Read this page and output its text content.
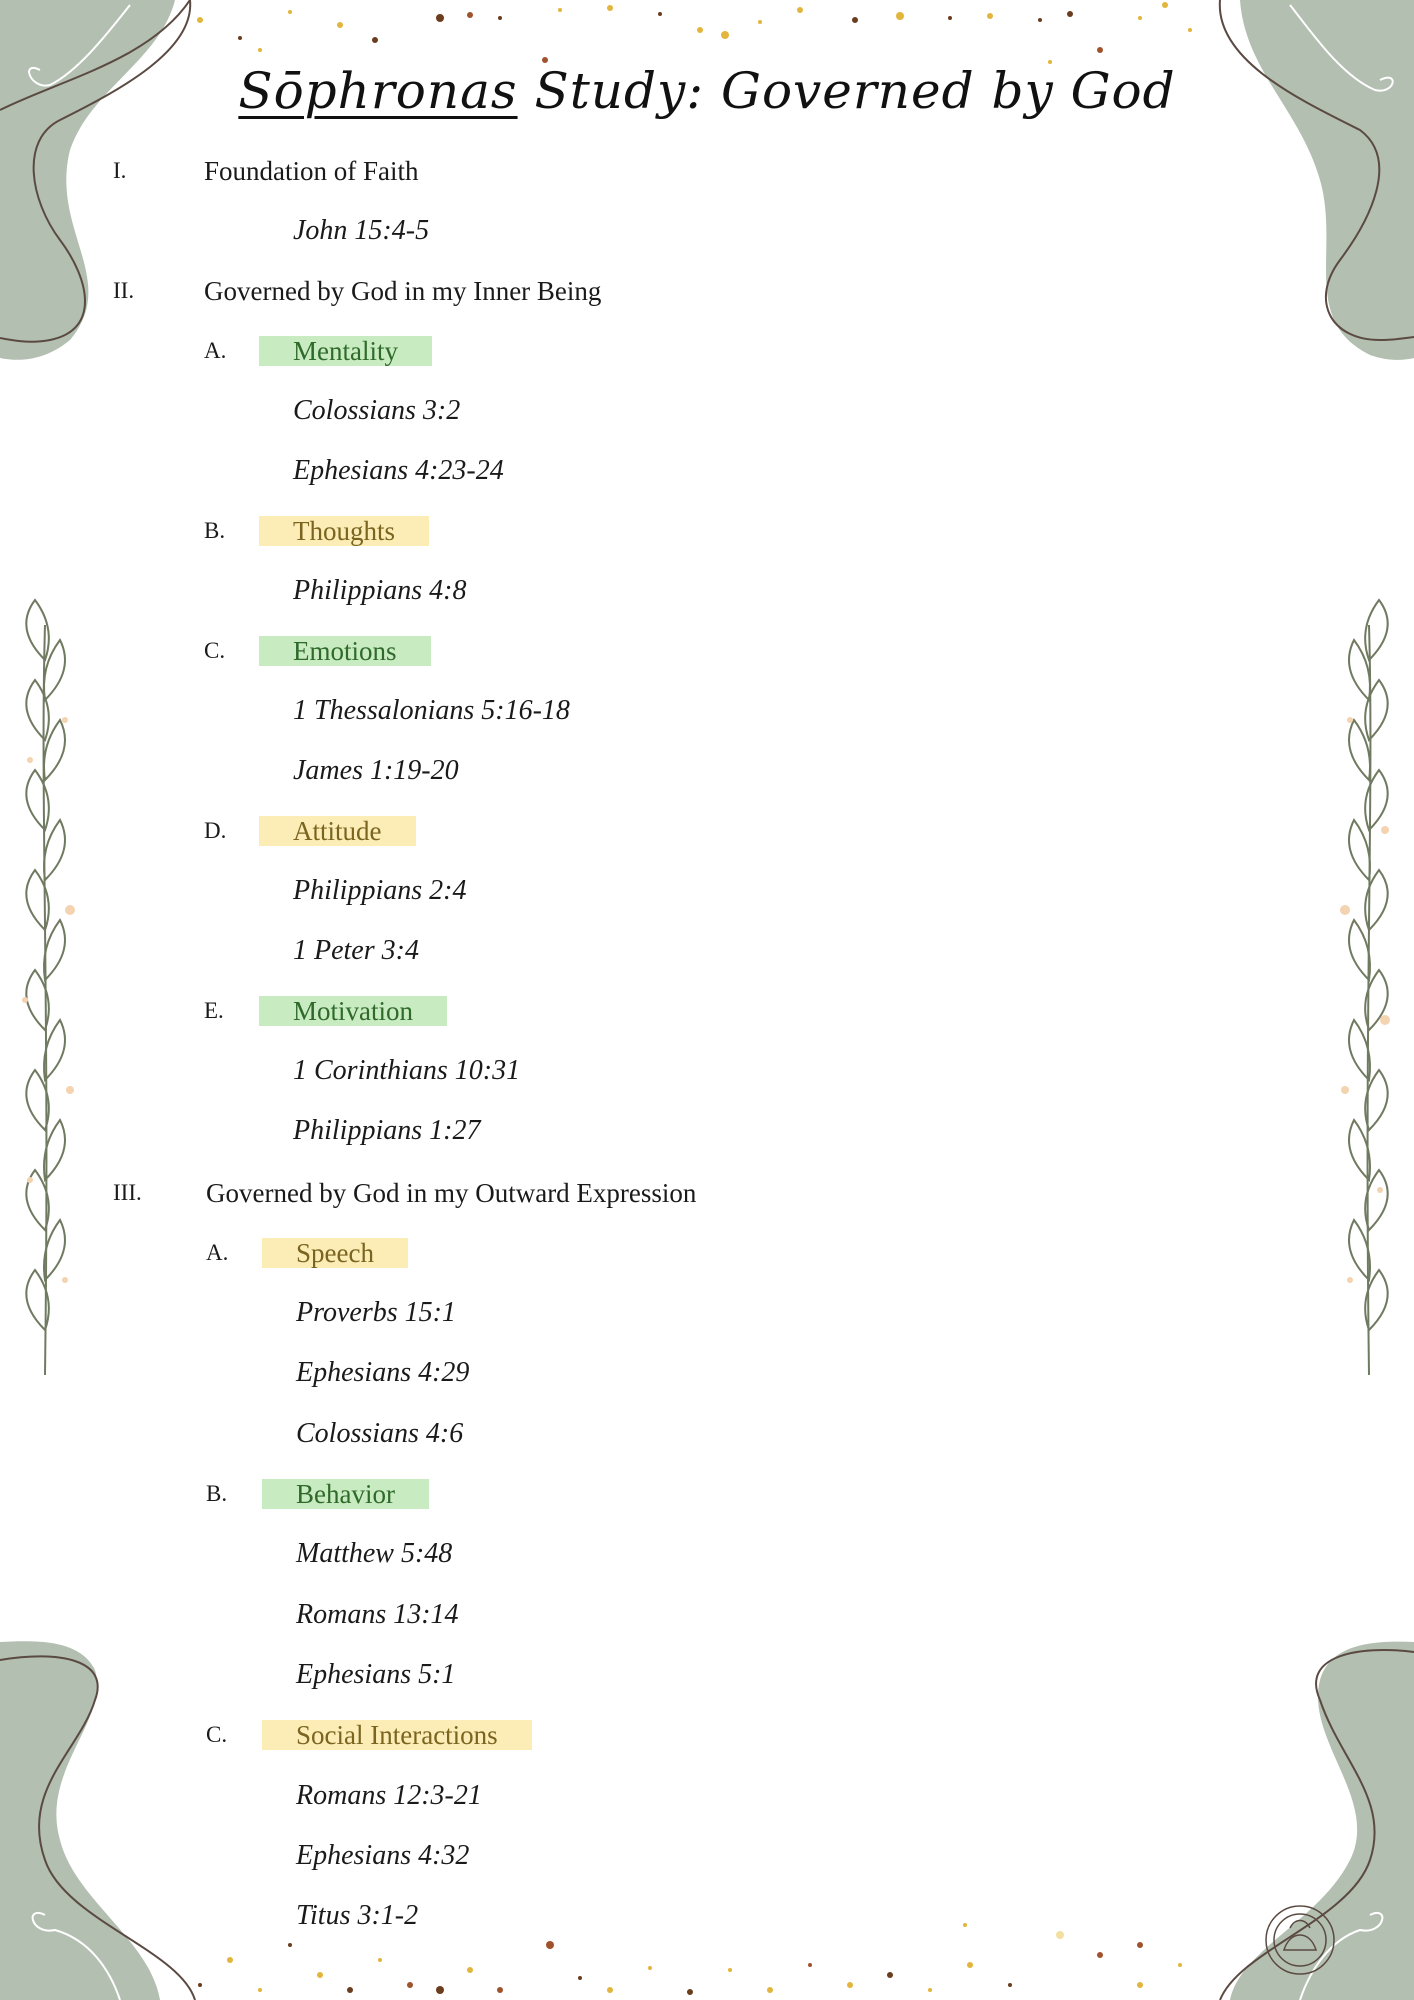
Sōphronas Study: Governed by God
I.	Foundation of Faith
John 15:4-5
II.	Governed by God in my Inner Being
A. Mentality
Colossians 3:2
Ephesians 4:23-24
B.	Thoughts
Philippians 4:8
C.	Emotions
1 Thessalonians 5:16-18
James 1:19-20
D. Attitude
Philippians 2:4
1 Peter 3:4
E.	Motivation
1 Corinthians 10:31
Philippians 1:27
III. Governed by God in my Outward Expression
A.	Speech
Proverbs 15:1
Ephesians 4:29
Colossians 4:6
B.	Behavior
Matthew 5:48
Romans 13:14
Ephesians 5:1
C.	Social Interactions
Romans 12:3-21
Ephesians 4:32
Titus 3:1-2
